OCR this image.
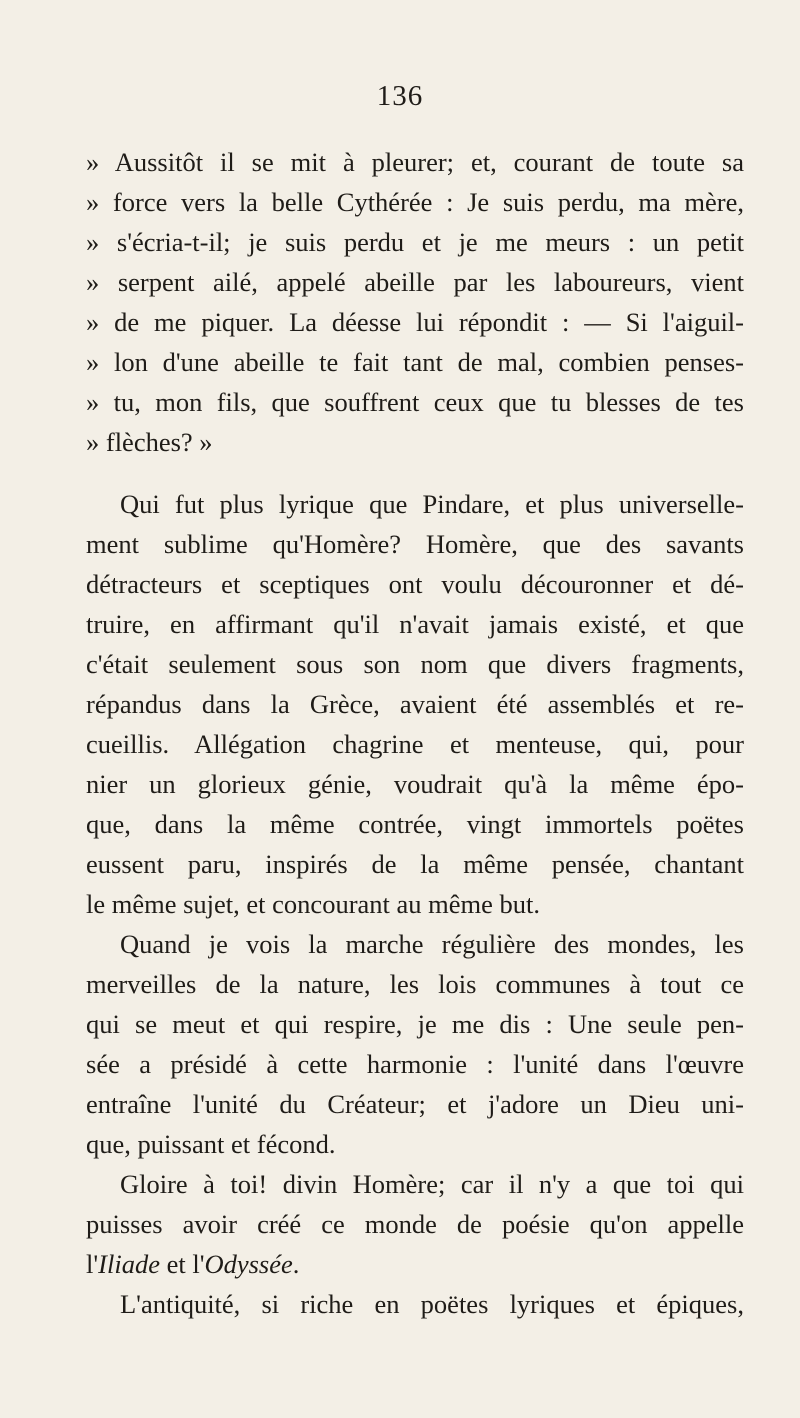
136
» Aussitôt il se mit à pleurer; et, courant de toute sa
» force vers la belle Cythérée : Je suis perdu, ma mère,
» s'écria-t-il; je suis perdu et je me meurs : un petit
» serpent ailé, appelé abeille par les laboureurs, vient
» de me piquer. La déesse lui répondit : — Si l'aiguil-
» lon d'une abeille te fait tant de mal, combien penses-
» tu, mon fils, que souffrent ceux que tu blesses de tes
» flèches? »
Qui fut plus lyrique que Pindare, et plus universelle-
ment sublime qu'Homère? Homère, que des savants
détracteurs et sceptiques ont voulu découronner et dé-
truire, en affirmant qu'il n'avait jamais existé, et que
c'était seulement sous son nom que divers fragments,
répandus dans la Grèce, avaient été assemblés et re-
cueillis. Allégation chagrine et menteuse, qui, pour
nier un glorieux génie, voudrait qu'à la même épo-
que, dans la même contrée, vingt immortels poëtes
eussent paru, inspirés de la même pensée, chantant
le même sujet, et concourant au même but.
Quand je vois la marche régulière des mondes, les
merveilles de la nature, les lois communes à tout ce
qui se meut et qui respire, je me dis : Une seule pen-
sée a présidé à cette harmonie : l'unité dans l'œuvre
entraîne l'unité du Créateur; et j'adore un Dieu uni-
que, puissant et fécond.
Gloire à toi! divin Homère; car il n'y a que toi qui
puisses avoir créé ce monde de poésie qu'on appelle
l'Iliade et l'Odyssée.
L'antiquité, si riche en poëtes lyriques et épiques,
